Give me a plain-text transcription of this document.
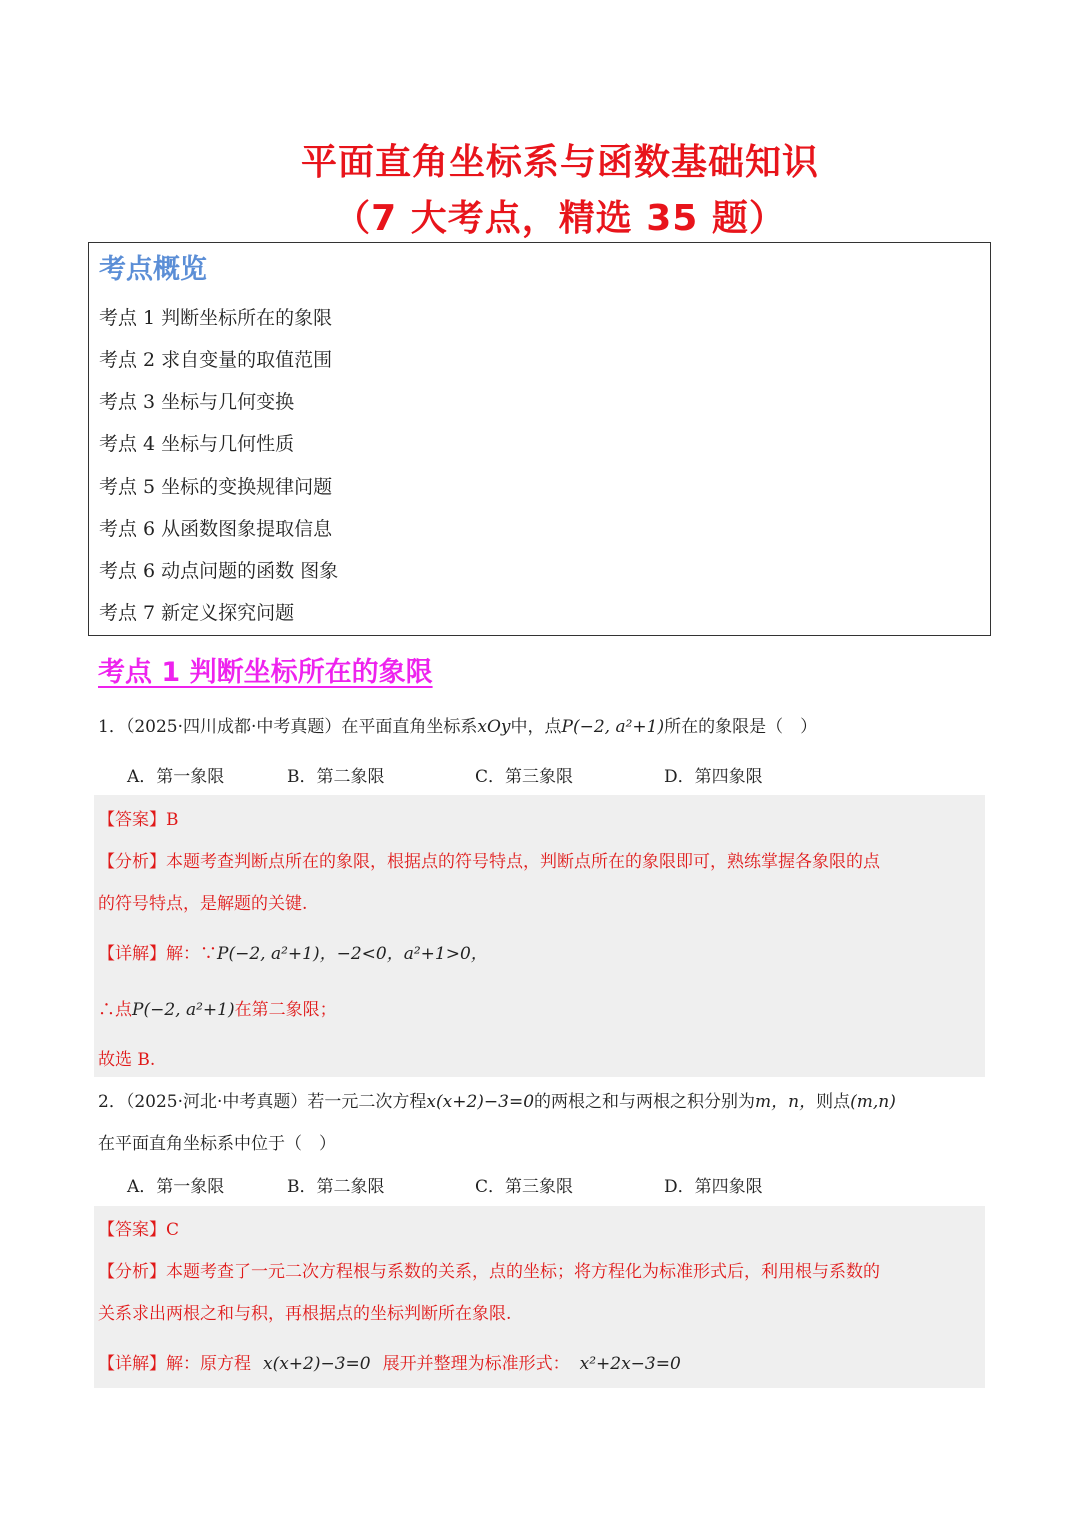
平面直角坐标系与函数基础知识
（7 大考点，精选 35 题）
考点概览
考点 1 判断坐标所在的象限
考点 2 求自变量的取值范围
考点 3 坐标与几何变换
考点 4 坐标与几何性质
考点 5 坐标的变换规律问题
考点 6 从函数图象提取信息
考点 6 动点问题的函数 图象
考点 7 新定义探究问题
考点 1 判断坐标所在的象限
1．（2025·四川成都·中考真题）在平面直角坐标系xOy中，点P(−2, a²+1)所在的象限是（　）
A．第一象限	B．第二象限	C．第三象限	D．第四象限
【答案】B
【分析】本题考查判断点所在的象限，根据点的符号特点，判断点所在的象限即可，熟练掌握各象限的点
的符号特点，是解题的关键.
【详解】解：∵P(−2, a²+1)，−2<0，a²+1>0，
∴点P(−2, a²+1)在第二象限；
故选 B.
2．（2025·河北·中考真题）若一元二次方程x(x+2)−3=0的两根之和与两根之积分别为m，n，则点(m,n)
在平面直角坐标系中位于（　）
A．第一象限	B．第二象限	C．第三象限	D．第四象限
【答案】C
【分析】本题考查了一元二次方程根与系数的关系，点的坐标；将方程化为标准形式后，利用根与系数的
关系求出两根之和与积，再根据点的坐标判断所在象限.
【详解】解：原方程 x(x+2)−3=0 展开并整理为标准形式： x²+2x−3=0
